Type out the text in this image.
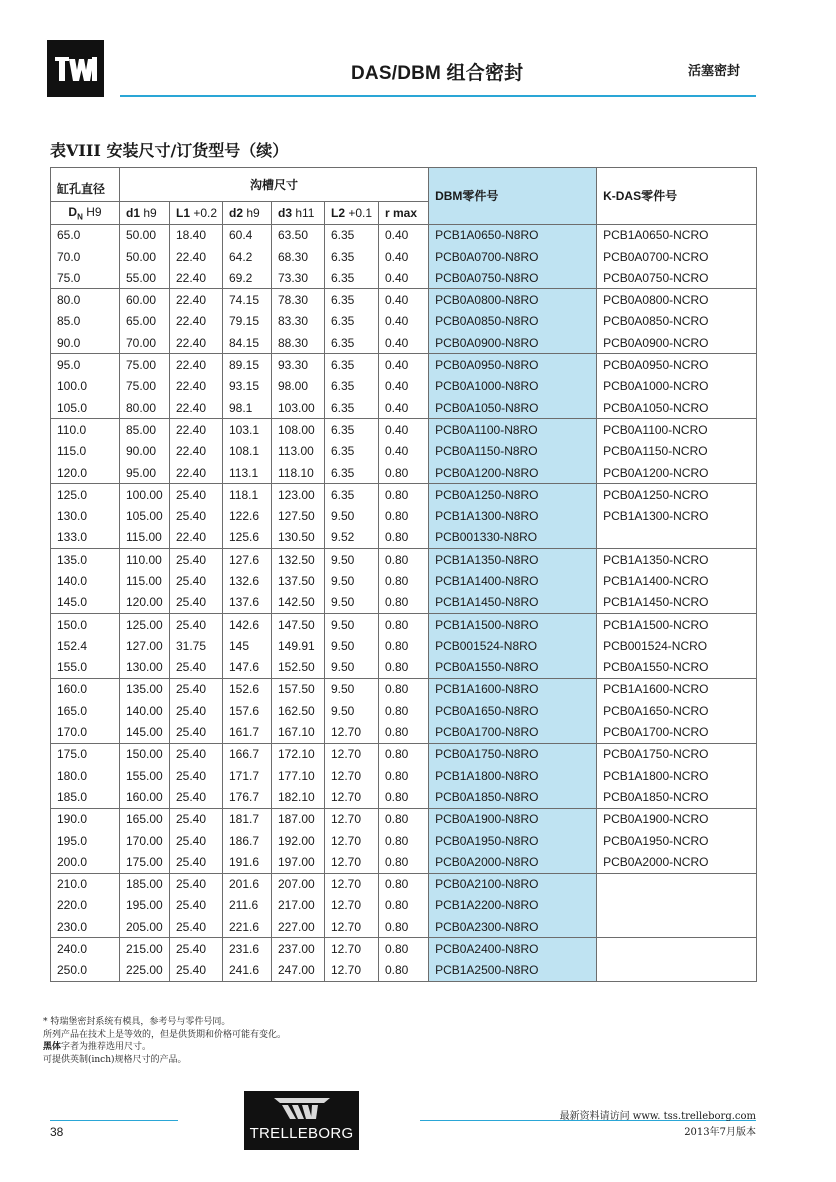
DAS/DBM 组合密封	活塞密封
表VIII 安装尺寸/订货型号（续）
缸孔直径	沟槽尺寸						DBM零件号	K-DAS零件号
$D_N$ H9	d1 h9	L1 +0.2	d2 h9	d3 h11	L2 +0.1	r max		
65.0	50.00	18.40	60.4	63.50	6.35	0.40	PCB1A0650-N8RO	PCB1A0650-NCRO
70.0	50.00	22.40	64.2	68.30	6.35	0.40	PCB0A0700-N8RO	PCB0A0700-NCRO
75.0	55.00	22.40	69.2	73.30	6.35	0.40	PCB0A0750-N8RO	PCB0A0750-NCRO
80.0	60.00	22.40	74.15	78.30	6.35	0.40	PCB0A0800-N8RO	PCB0A0800-NCRO
85.0	65.00	22.40	79.15	83.30	6.35	0.40	PCB0A0850-N8RO	PCB0A0850-NCRO
90.0	70.00	22.40	84.15	88.30	6.35	0.40	PCB0A0900-N8RO	PCB0A0900-NCRO
95.0	75.00	22.40	89.15	93.30	6.35	0.40	PCB0A0950-N8RO	PCB0A0950-NCRO
100.0	75.00	22.40	93.15	98.00	6.35	0.40	PCB0A1000-N8RO	PCB0A1000-NCRO
105.0	80.00	22.40	98.1	103.00	6.35	0.40	PCB0A1050-N8RO	PCB0A1050-NCRO
110.0	85.00	22.40	103.1	108.00	6.35	0.40	PCB0A1100-N8RO	PCB0A1100-NCRO
115.0	90.00	22.40	108.1	113.00	6.35	0.40	PCB0A1150-N8RO	PCB0A1150-NCRO
120.0	95.00	22.40	113.1	118.10	6.35	0.80	PCB0A1200-N8RO	PCB0A1200-NCRO
125.0	100.00	25.40	118.1	123.00	6.35	0.80	PCB0A1250-N8RO	PCB0A1250-NCRO
130.0	105.00	25.40	122.6	127.50	9.50	0.80	PCB1A1300-N8RO	PCB1A1300-NCRO
133.0	115.00	22.40	125.6	130.50	9.52	0.80	PCB001330-N8RO	
135.0	110.00	25.40	127.6	132.50	9.50	0.80	PCB1A1350-N8RO	PCB1A1350-NCRO
140.0	115.00	25.40	132.6	137.50	9.50	0.80	PCB1A1400-N8RO	PCB1A1400-NCRO
145.0	120.00	25.40	137.6	142.50	9.50	0.80	PCB1A1450-N8RO	PCB1A1450-NCRO
150.0	125.00	25.40	142.6	147.50	9.50	0.80	PCB1A1500-N8RO	PCB1A1500-NCRO
152.4	127.00	31.75	145	149.91	9.50	0.80	PCB001524-N8RO	PCB001524-NCRO
155.0	130.00	25.40	147.6	152.50	9.50	0.80	PCB0A1550-N8RO	PCB0A1550-NCRO
160.0	135.00	25.40	152.6	157.50	9.50	0.80	PCB1A1600-N8RO	PCB1A1600-NCRO
165.0	140.00	25.40	157.6	162.50	9.50	0.80	PCB0A1650-N8RO	PCB0A1650-NCRO
170.0	145.00	25.40	161.7	167.10	12.70	0.80	PCB0A1700-N8RO	PCB0A1700-NCRO
175.0	150.00	25.40	166.7	172.10	12.70	0.80	PCB0A1750-N8RO	PCB0A1750-NCRO
180.0	155.00	25.40	171.7	177.10	12.70	0.80	PCB1A1800-N8RO	PCB1A1800-NCRO
185.0	160.00	25.40	176.7	182.10	12.70	0.80	PCB0A1850-N8RO	PCB0A1850-NCRO
190.0	165.00	25.40	181.7	187.00	12.70	0.80	PCB0A1900-N8RO	PCB0A1900-NCRO
195.0	170.00	25.40	186.7	192.00	12.70	0.80	PCB0A1950-N8RO	PCB0A1950-NCRO
200.0	175.00	25.40	191.6	197.00	12.70	0.80	PCB0A2000-N8RO	PCB0A2000-NCRO
210.0	185.00	25.40	201.6	207.00	12.70	0.80	PCB0A2100-N8RO	
220.0	195.00	25.40	211.6	217.00	12.70	0.80	PCB1A2200-N8RO	
230.0	205.00	25.40	221.6	227.00	12.70	0.80	PCB0A2300-N8RO	
240.0	215.00	25.40	231.6	237.00	12.70	0.80	PCB0A2400-N8RO	
250.0	225.00	25.40	241.6	247.00	12.70	0.80	PCB1A2500-N8RO	
* 特瑞堡密封系统有模具，参考号与零件号同。
所列产品在技术上是等效的，但是供货期和价格可能有变化。
黑体字者为推荐选用尺寸。
可提供英制(inch)规格尺寸的产品。
38	TRELLEBORG
最新资料请访问 www. tss.trelleborg.com
2013年7月版本
